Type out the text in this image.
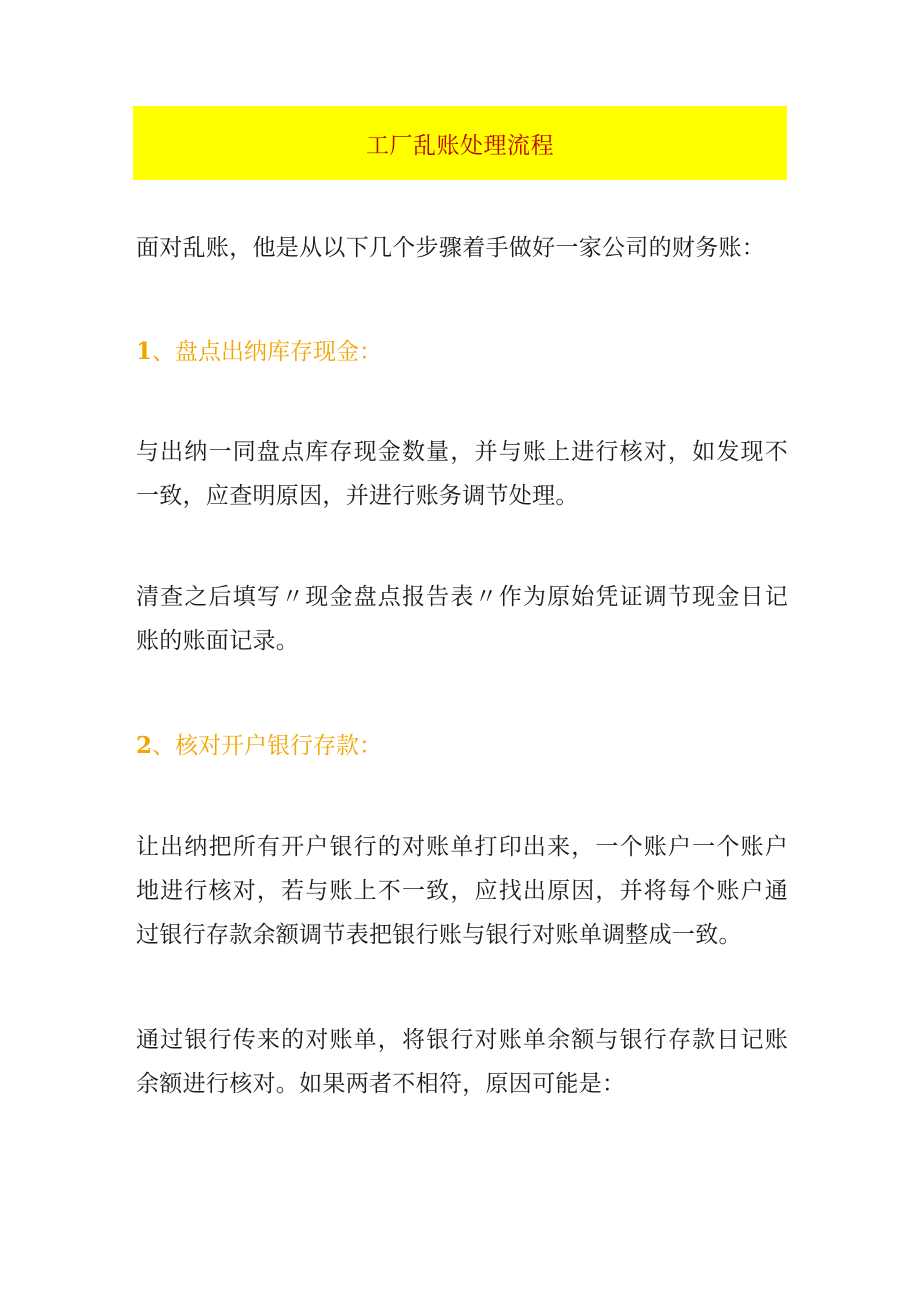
工厂乱账处理流程
面对乱账，他是从以下几个步骤着手做好一家公司的财务账：
1、盘点出纳库存现金：
与出纳一同盘点库存现金数量，并与账上进行核对，如发现不一致，应查明原因，并进行账务调节处理。
清查之后填写〃现金盘点报告表〃作为原始凭证调节现金日记账的账面记录。
2、核对开户银行存款：
让出纳把所有开户银行的对账单打印出来，一个账户一个账户地进行核对，若与账上不一致，应找出原因，并将每个账户通过银行存款余额调节表把银行账与银行对账单调整成一致。
通过银行传来的对账单，将银行对账单余额与银行存款日记账余额进行核对。如果两者不相符，原因可能是：
